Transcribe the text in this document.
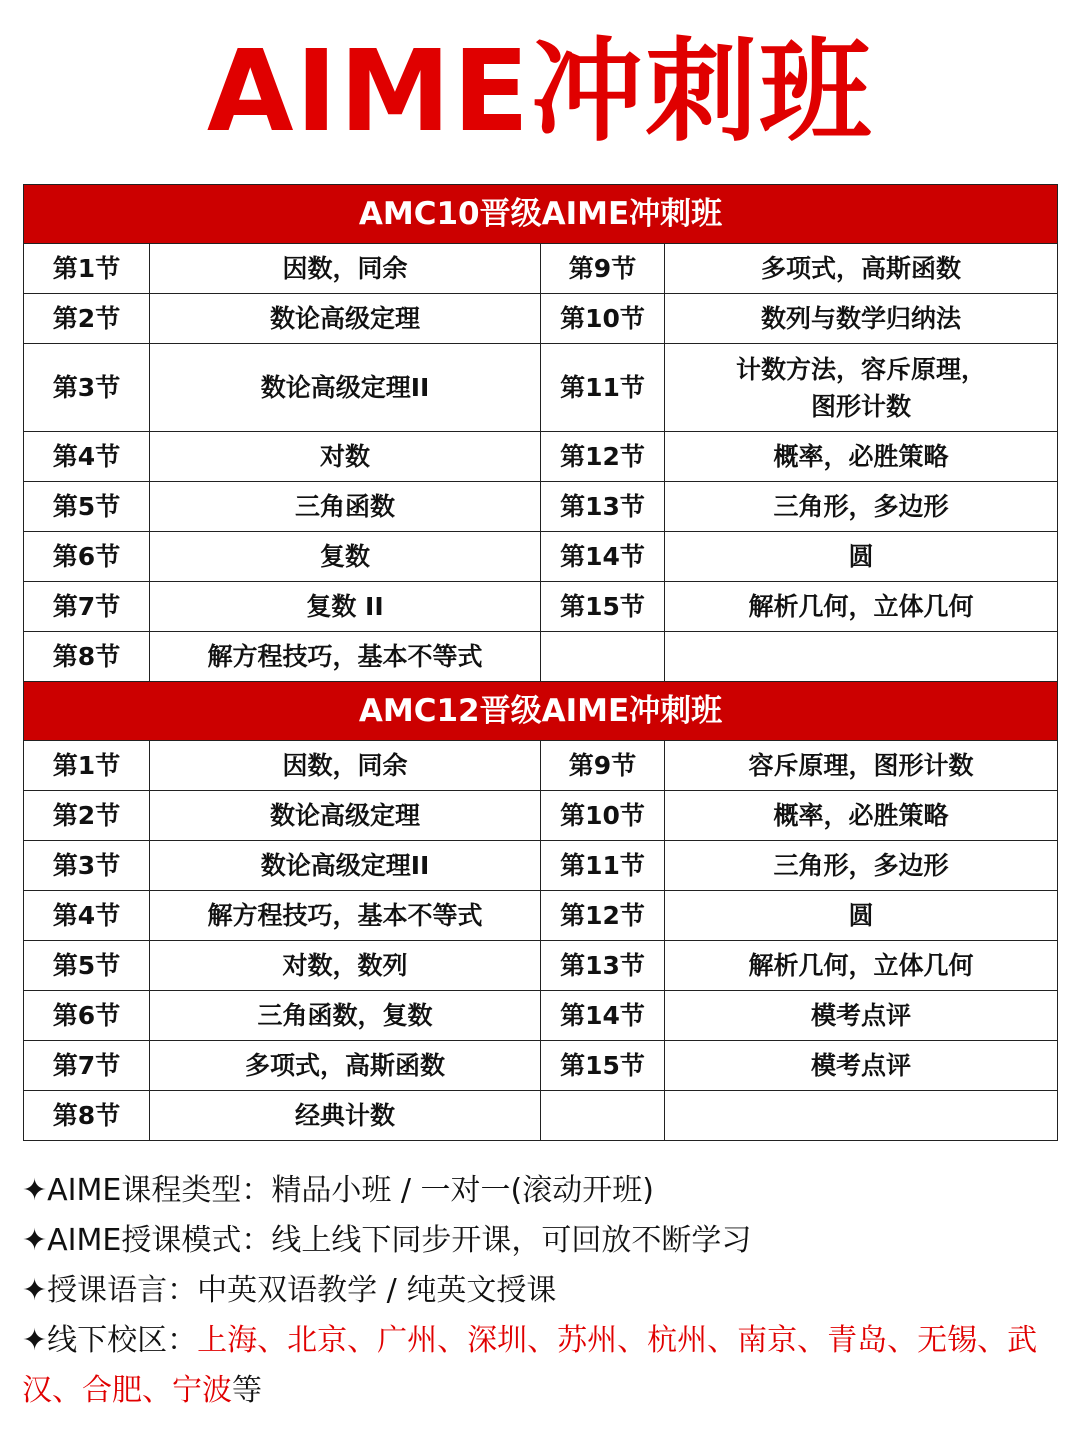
AIME冲刺班
AMC10晋级AIME冲刺班			
第1节	因数，同余	第9节	多项式，高斯函数
第2节	数论高级定理	第10节	数列与数学归纳法
第3节	数论高级定理II	第11节	计数方法，容斥原理，
图形计数
第4节	对数	第12节	概率，必胜策略
第5节	三角函数	第13节	三角形，多边形
第6节	复数	第14节	圆
第7节	复数 II	第15节	解析几何，立体几何
第8节	解方程技巧，基本不等式		
AMC12晋级AIME冲刺班			
第1节	因数，同余	第9节	容斥原理，图形计数
第2节	数论高级定理	第10节	概率，必胜策略
第3节	数论高级定理II	第11节	三角形，多边形
第4节	解方程技巧，基本不等式	第12节	圆
第5节	对数，数列	第13节	解析几何，立体几何
第6节	三角函数，复数	第14节	模考点评
第7节	多项式，高斯函数	第15节	模考点评
第8节	经典计数		
✦AIME课程类型：精品小班 / 一对一(滚动开班)
✦AIME授课模式：线上线下同步开课，可回放不断学习
✦授课语言：中英双语教学 / 纯英文授课
✦线下校区：上海、北京、广州、深圳、苏州、杭州、南京、青岛、无锡、武汉、合肥、宁波等
